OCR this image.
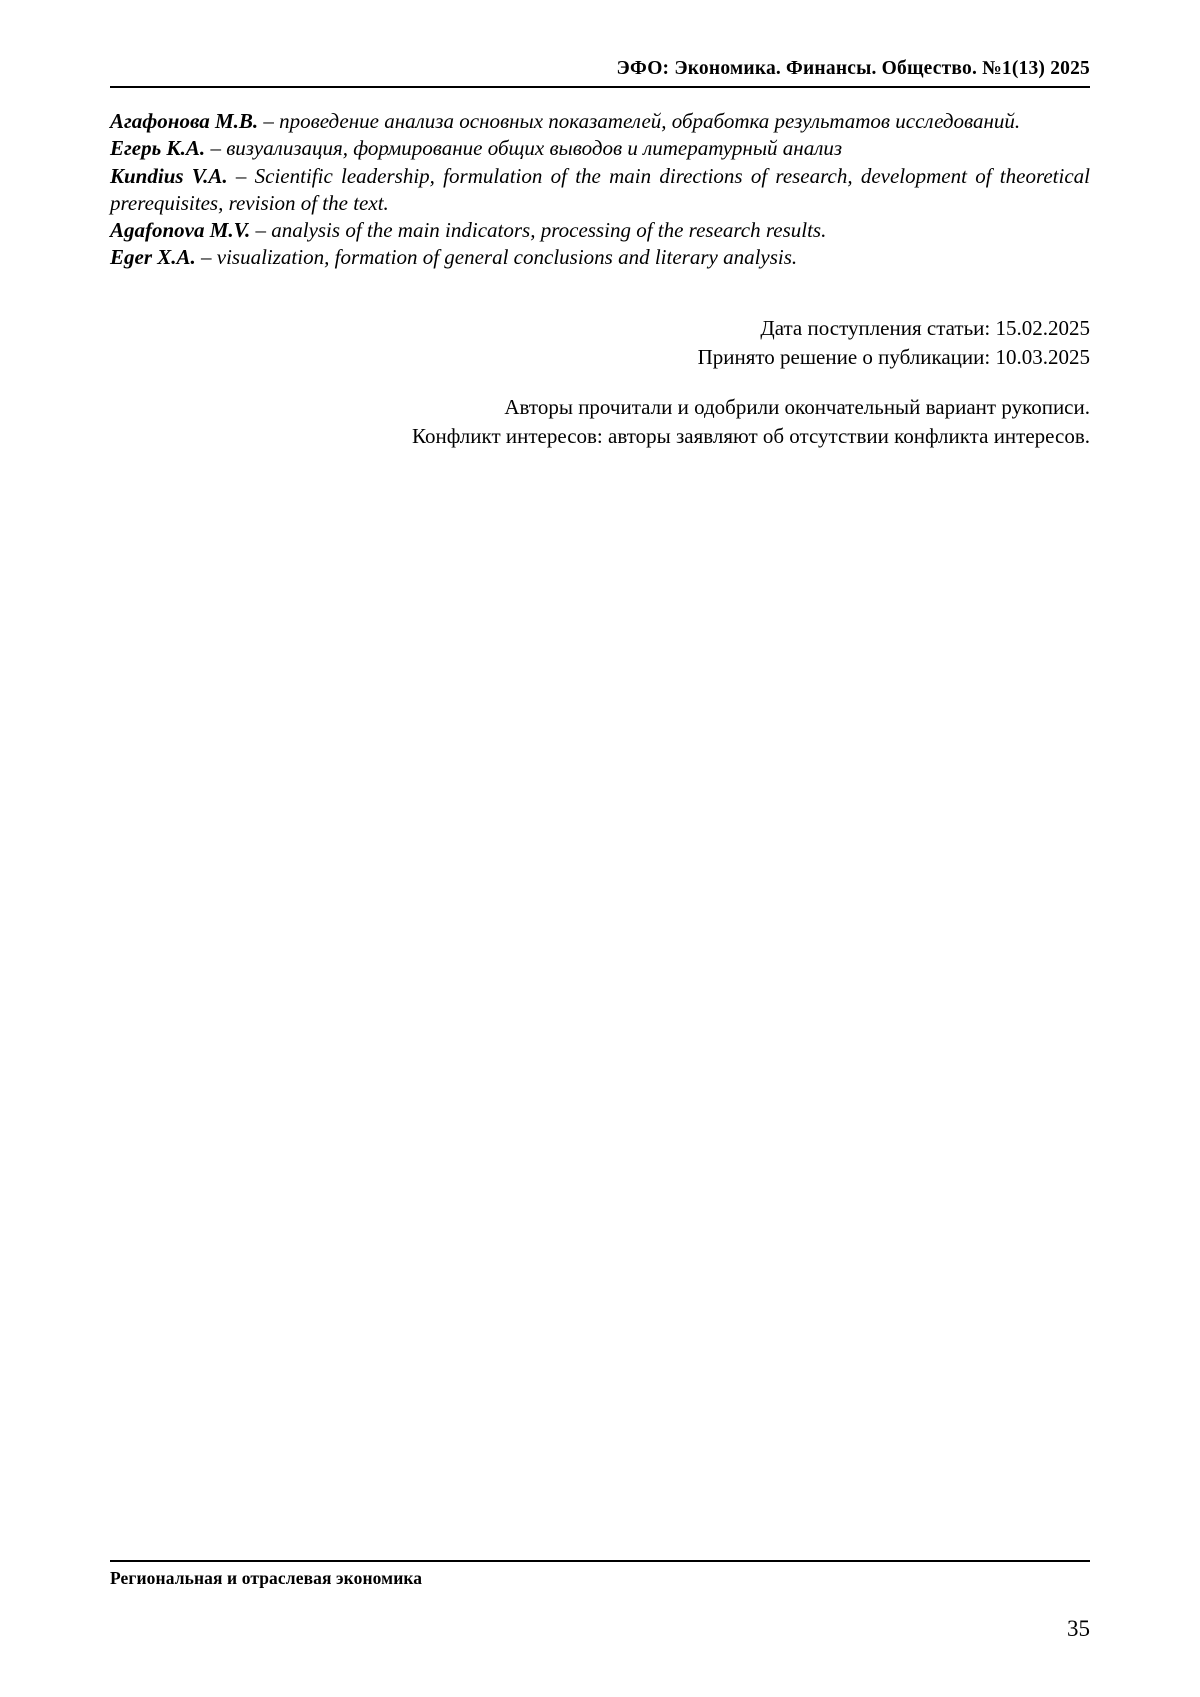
ЭФО: Экономика. Финансы. Общество. №1(13) 2025

Агафонова М.В. – проведение анализа основных показателей, обработка результатов исследований.

Егерь К.А. – визуализация, формирование общих выводов и литературный анализ

Kundius V.A. – Scientific leadership, formulation of the main directions of research, development of theoretical prerequisites, revision of the text.

Agafonova M.V. – analysis of the main indicators, processing of the research results.

Eger X.A. – visualization, formation of general conclusions and literary analysis.

Дата поступления статьи: 15.02.2025
Принято решение о публикации: 10.03.2025
Авторы прочитали и одобрили окончательный вариант рукописи.
Конфликт интересов: авторы заявляют об отсутствии конфликта интересов.
Региональная и отраслевая экономика
35
